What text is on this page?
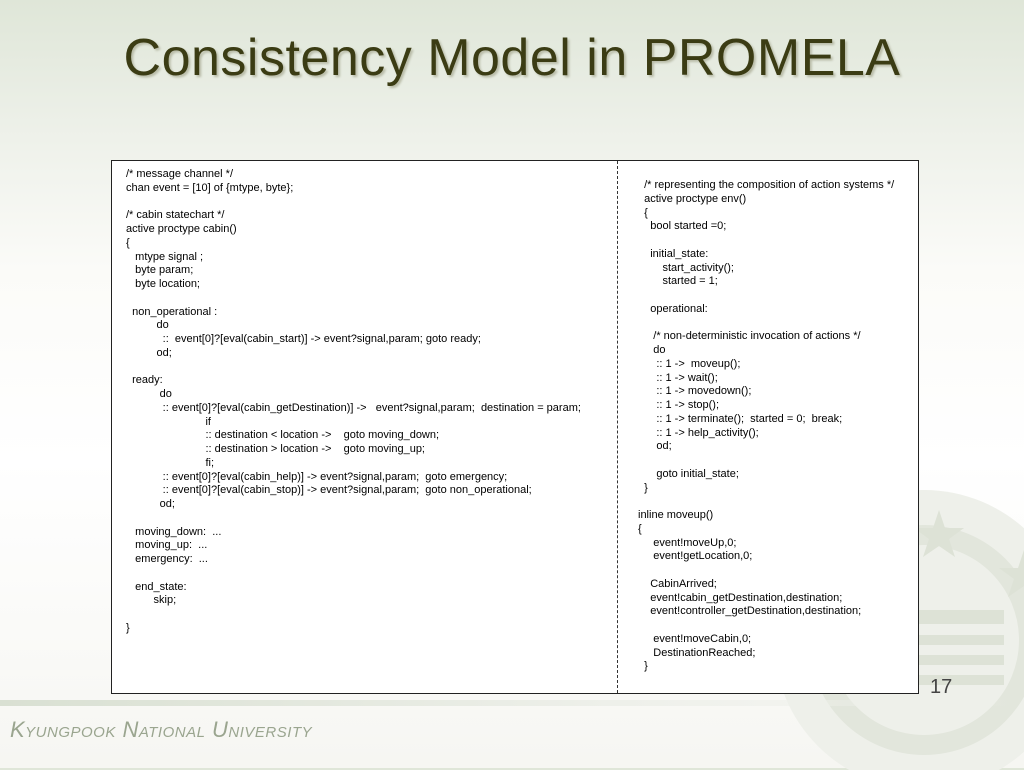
Consistency Model in PROMELA
/* message channel */
chan event = [10] of {mtype, byte};

/* cabin statechart */
active proctype cabin()
{
mtype signal ;
byte param;
byte location;

non_operational :
do
::  event[0]?[eval(cabin_start)] -> event?signal,param; goto ready;
od;

ready:
do
:: event[0]?[eval(cabin_getDestination)] ->   event?signal,param;  destination = param;
if
:: destination < location ->    goto moving_down;
:: destination > location ->    goto moving_up;
fi;
:: event[0]?[eval(cabin_help)] -> event?signal,param;  goto emergency;
:: event[0]?[eval(cabin_stop)] -> event?signal,param;  goto non_operational;
od;

moving_down:  ...
moving_up:  ...
emergency:  ...

end_state:
skip;

}
/* representing the composition of action systems */
active proctype env()
{
bool started =0;

initial_state:
start_activity();
started = 1;

operational:

/* non-deterministic invocation of actions */
do
:: 1 ->  moveup();
:: 1 -> wait();
:: 1 -> movedown();
:: 1 -> stop();
:: 1 -> terminate();  started = 0;  break;
:: 1 -> help_activity();
od;

goto initial_state;
}

inline moveup()
{
event!moveUp,0;
event!getLocation,0;

CabinArrived;
event!cabin_getDestination,destination;
event!controller_getDestination,destination;

event!moveCabin,0;
DestinationReached;
}
17
Kyungpook National University
